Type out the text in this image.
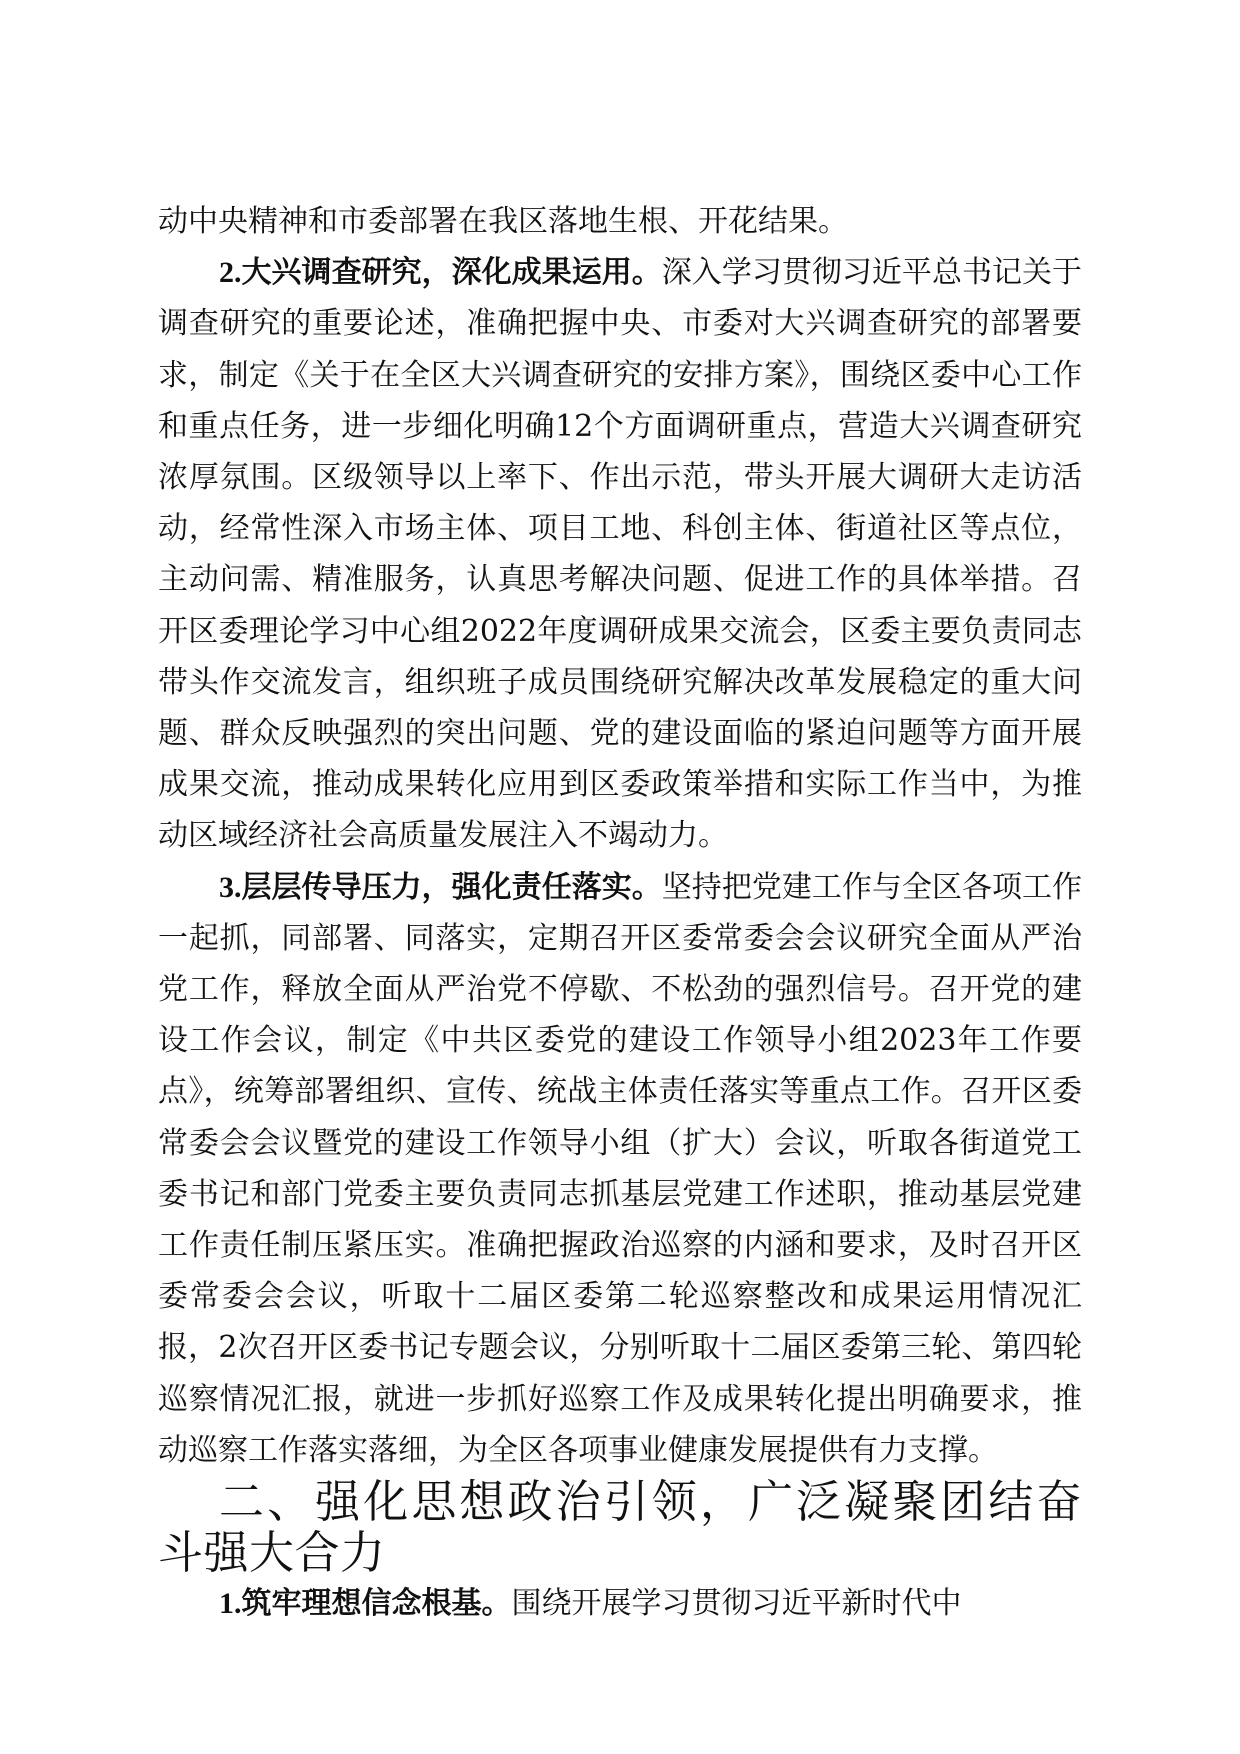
动中央精神和市委部署在我区落地生根、开花结果。

2.大兴调查研究，深化成果运用。深入学习贯彻习近平总书记关于调查研究的重要论述，准确把握中央、市委对大兴调查研究的部署要求，制定《关于在全区大兴调查研究的安排方案》，围绕区委中心工作和重点任务，进一步细化明确12个方面调研重点，营造大兴调查研究浓厚氛围。区级领导以上率下、作出示范，带头开展大调研大走访活动，经常性深入市场主体、项目工地、科创主体、街道社区等点位，主动问需、精准服务，认真思考解决问题、促进工作的具体举措。召开区委理论学习中心组2022年度调研成果交流会，区委主要负责同志带头作交流发言，组织班子成员围绕研究解决改革发展稳定的重大问题、群众反映强烈的突出问题、党的建设面临的紧迫问题等方面开展成果交流，推动成果转化应用到区委政策举措和实际工作当中，为推动区域经济社会高质量发展注入不竭动力。

3.层层传导压力，强化责任落实。坚持把党建工作与全区各项工作一起抓，同部署、同落实，定期召开区委常委会会议研究全面从严治党工作，释放全面从严治党不停歇、不松劲的强烈信号。召开党的建设工作会议，制定《中共区委党的建设工作领导小组2023年工作要点》，统筹部署组织、宣传、统战主体责任落实等重点工作。召开区委常委会会议暨党的建设工作领导小组（扩大）会议，听取各街道党工委书记和部门党委主要负责同志抓基层党建工作述职，推动基层党建工作责任制压紧压实。准确把握政治巡察的内涵和要求，及时召开区委常委会会议，听取十二届区委第二轮巡察整改和成果运用情况汇报，2次召开区委书记专题会议，分别听取十二届区委第三轮、第四轮巡察情况汇报，就进一步抓好巡察工作及成果转化提出明确要求，推动巡察工作落实落细，为全区各项事业健康发展提供有力支撑。

二、强化思想政治引领，广泛凝聚团结奋斗强大合力

1.筑牢理想信念根基。围绕开展学习贯彻习近平新时代中
